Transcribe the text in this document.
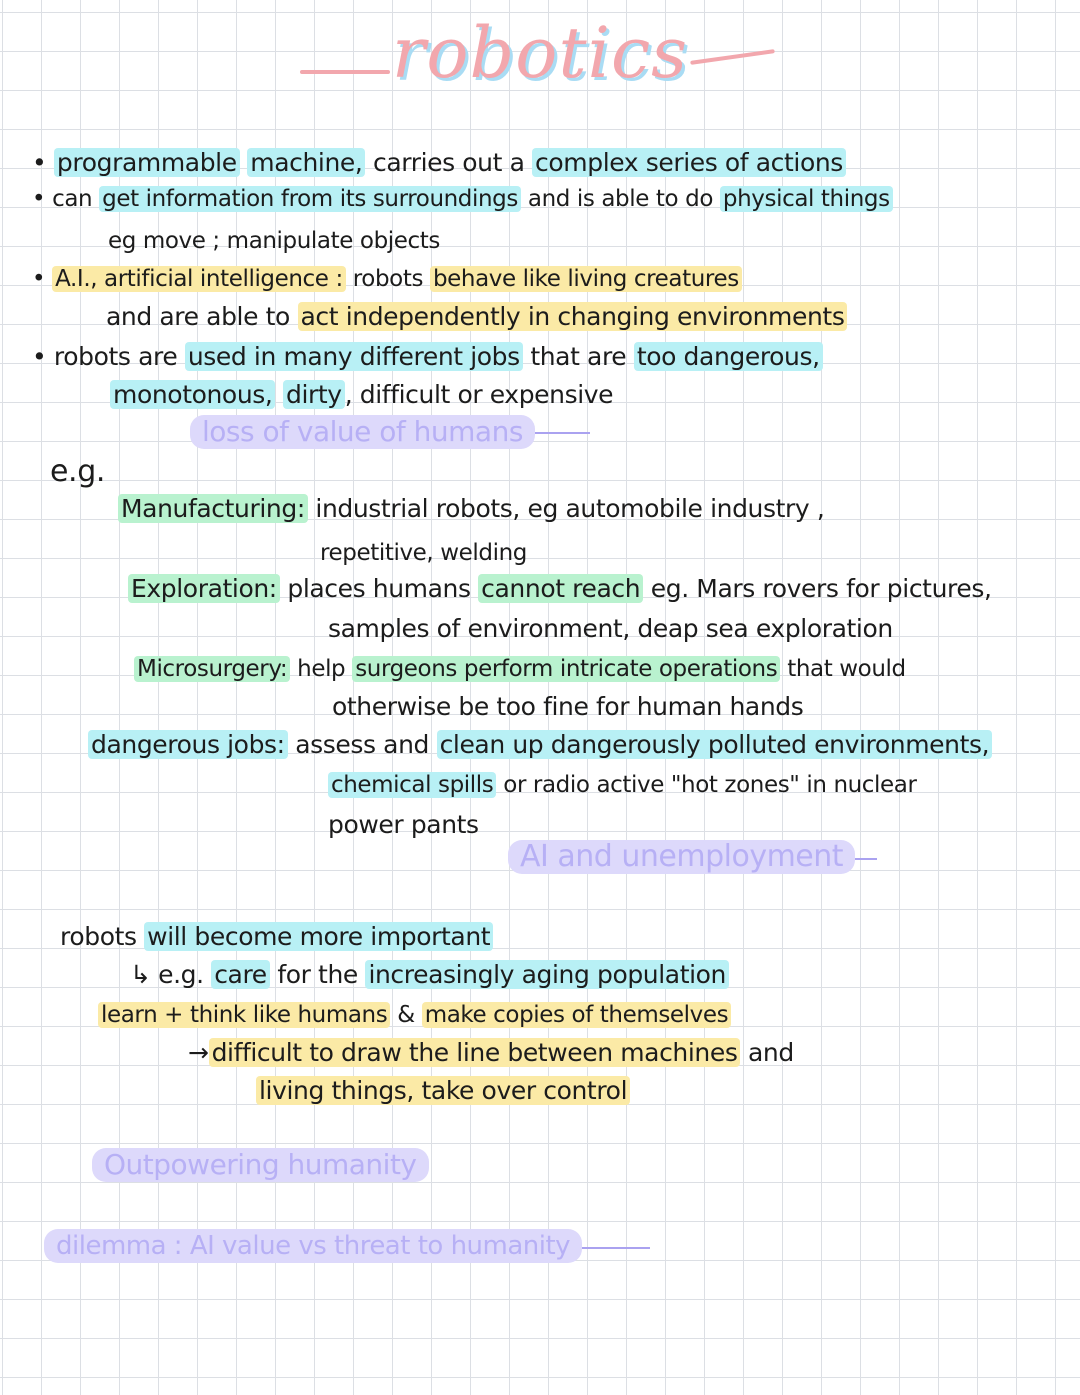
robotics
• programmable machine, carries out a complex series of actions
• can get information from its surroundings and is able to do physical things
eg move ; manipulate objects
• A.I., artificial intelligence : robots behave like living creatures
and are able to act independently in changing environments
• robots are used in many different jobs that are too dangerous,
monotonous, dirty , difficult or expensive
loss of value of humans
e.g.
Manufacturing: industrial robots, eg automobile industry ,
repetitive, welding
Exploration: places humans cannot reach eg. Mars rovers for pictures,
samples of environment, deap sea exploration
Microsurgery: help surgeons perform intricate operations that would
otherwise be too fine for human hands
dangerous jobs: assess and clean up dangerously polluted environments,
chemical spills or radio active "hot zones" in nuclear
power pants
AI and unemployment
robots will become more important
↳ e.g. care for the increasingly aging population
learn + think like humans & make copies of themselves
→ difficult to draw the line between machines and
living things, take over control
Outpowering humanity
dilemma : AI value vs threat to humanity
